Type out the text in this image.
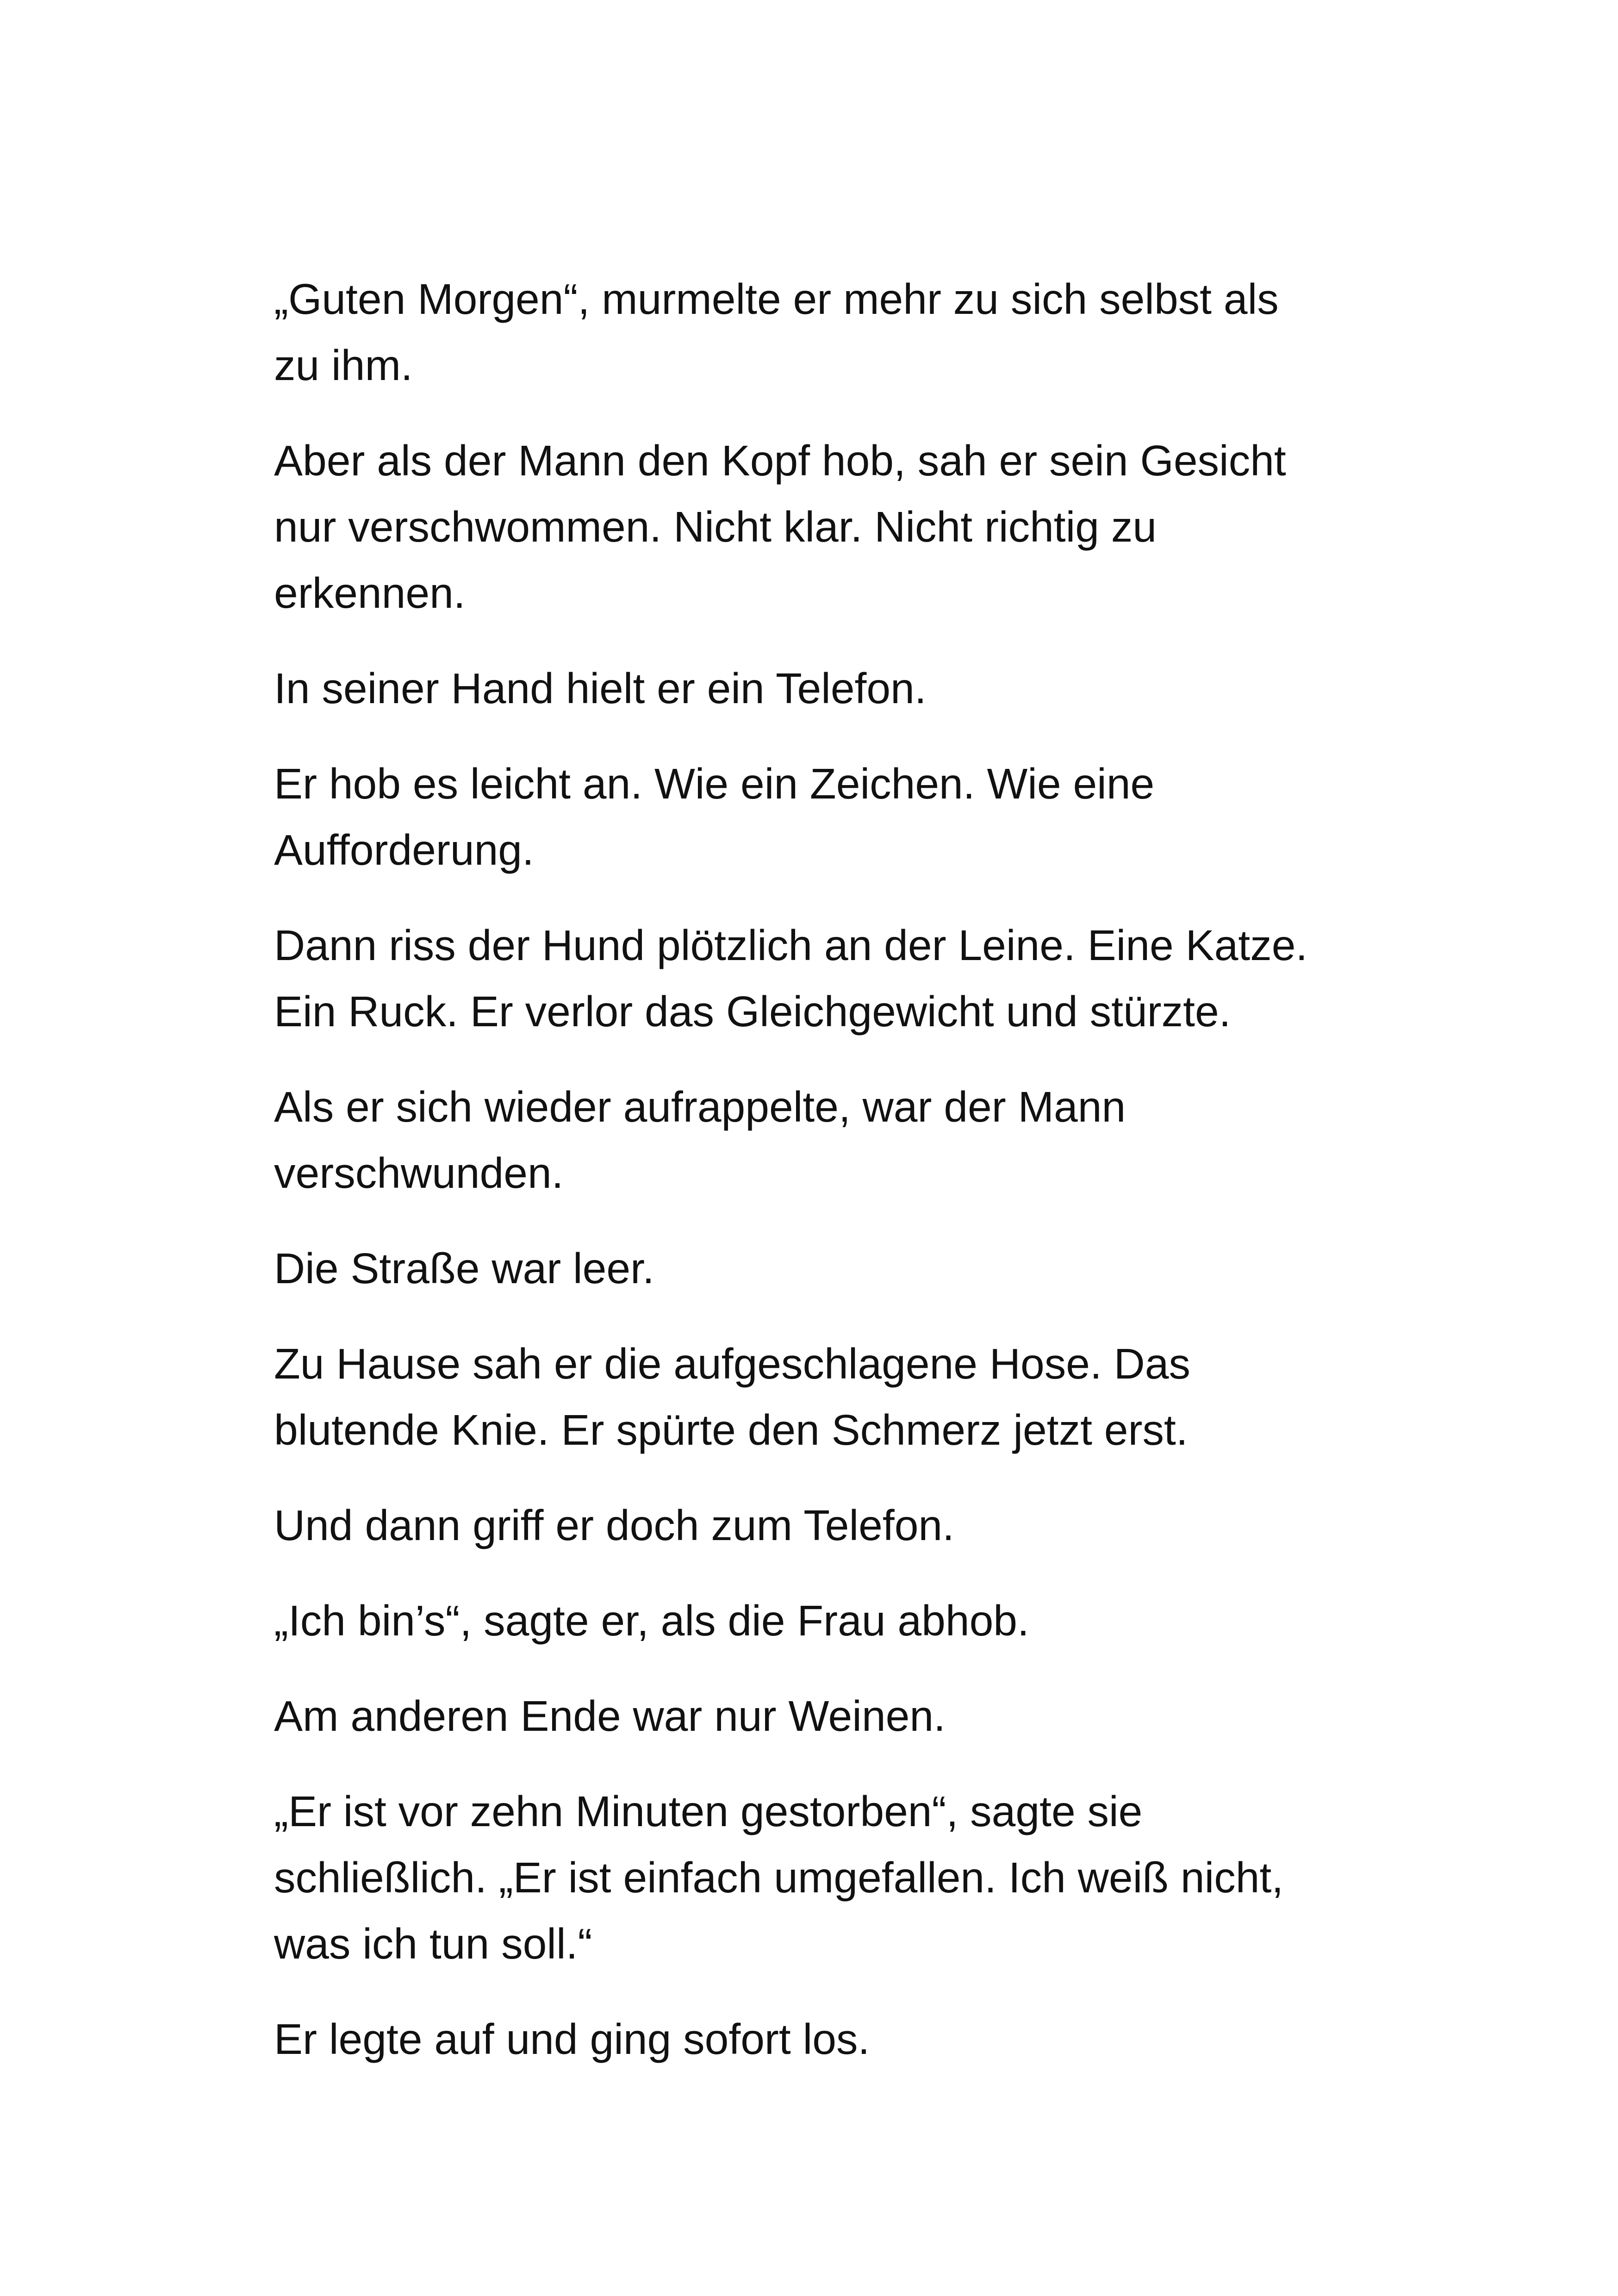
„Guten Morgen“, murmelte er mehr zu sich selbst als
zu ihm.

Aber als der Mann den Kopf hob, sah er sein Gesicht
nur verschwommen. Nicht klar. Nicht richtig zu
erkennen.

In seiner Hand hielt er ein Telefon.

Er hob es leicht an. Wie ein Zeichen. Wie eine
Aufforderung.

Dann riss der Hund plötzlich an der Leine. Eine Katze.
Ein Ruck. Er verlor das Gleichgewicht und stürzte.

Als er sich wieder aufrappelte, war der Mann
verschwunden.

Die Straße war leer.

Zu Hause sah er die aufgeschlagene Hose. Das
blutende Knie. Er spürte den Schmerz jetzt erst.

Und dann griff er doch zum Telefon.

„Ich bin’s“, sagte er, als die Frau abhob.

Am anderen Ende war nur Weinen.

„Er ist vor zehn Minuten gestorben“, sagte sie
schließlich. „Er ist einfach umgefallen. Ich weiß nicht,
was ich tun soll.“

Er legte auf und ging sofort los.
